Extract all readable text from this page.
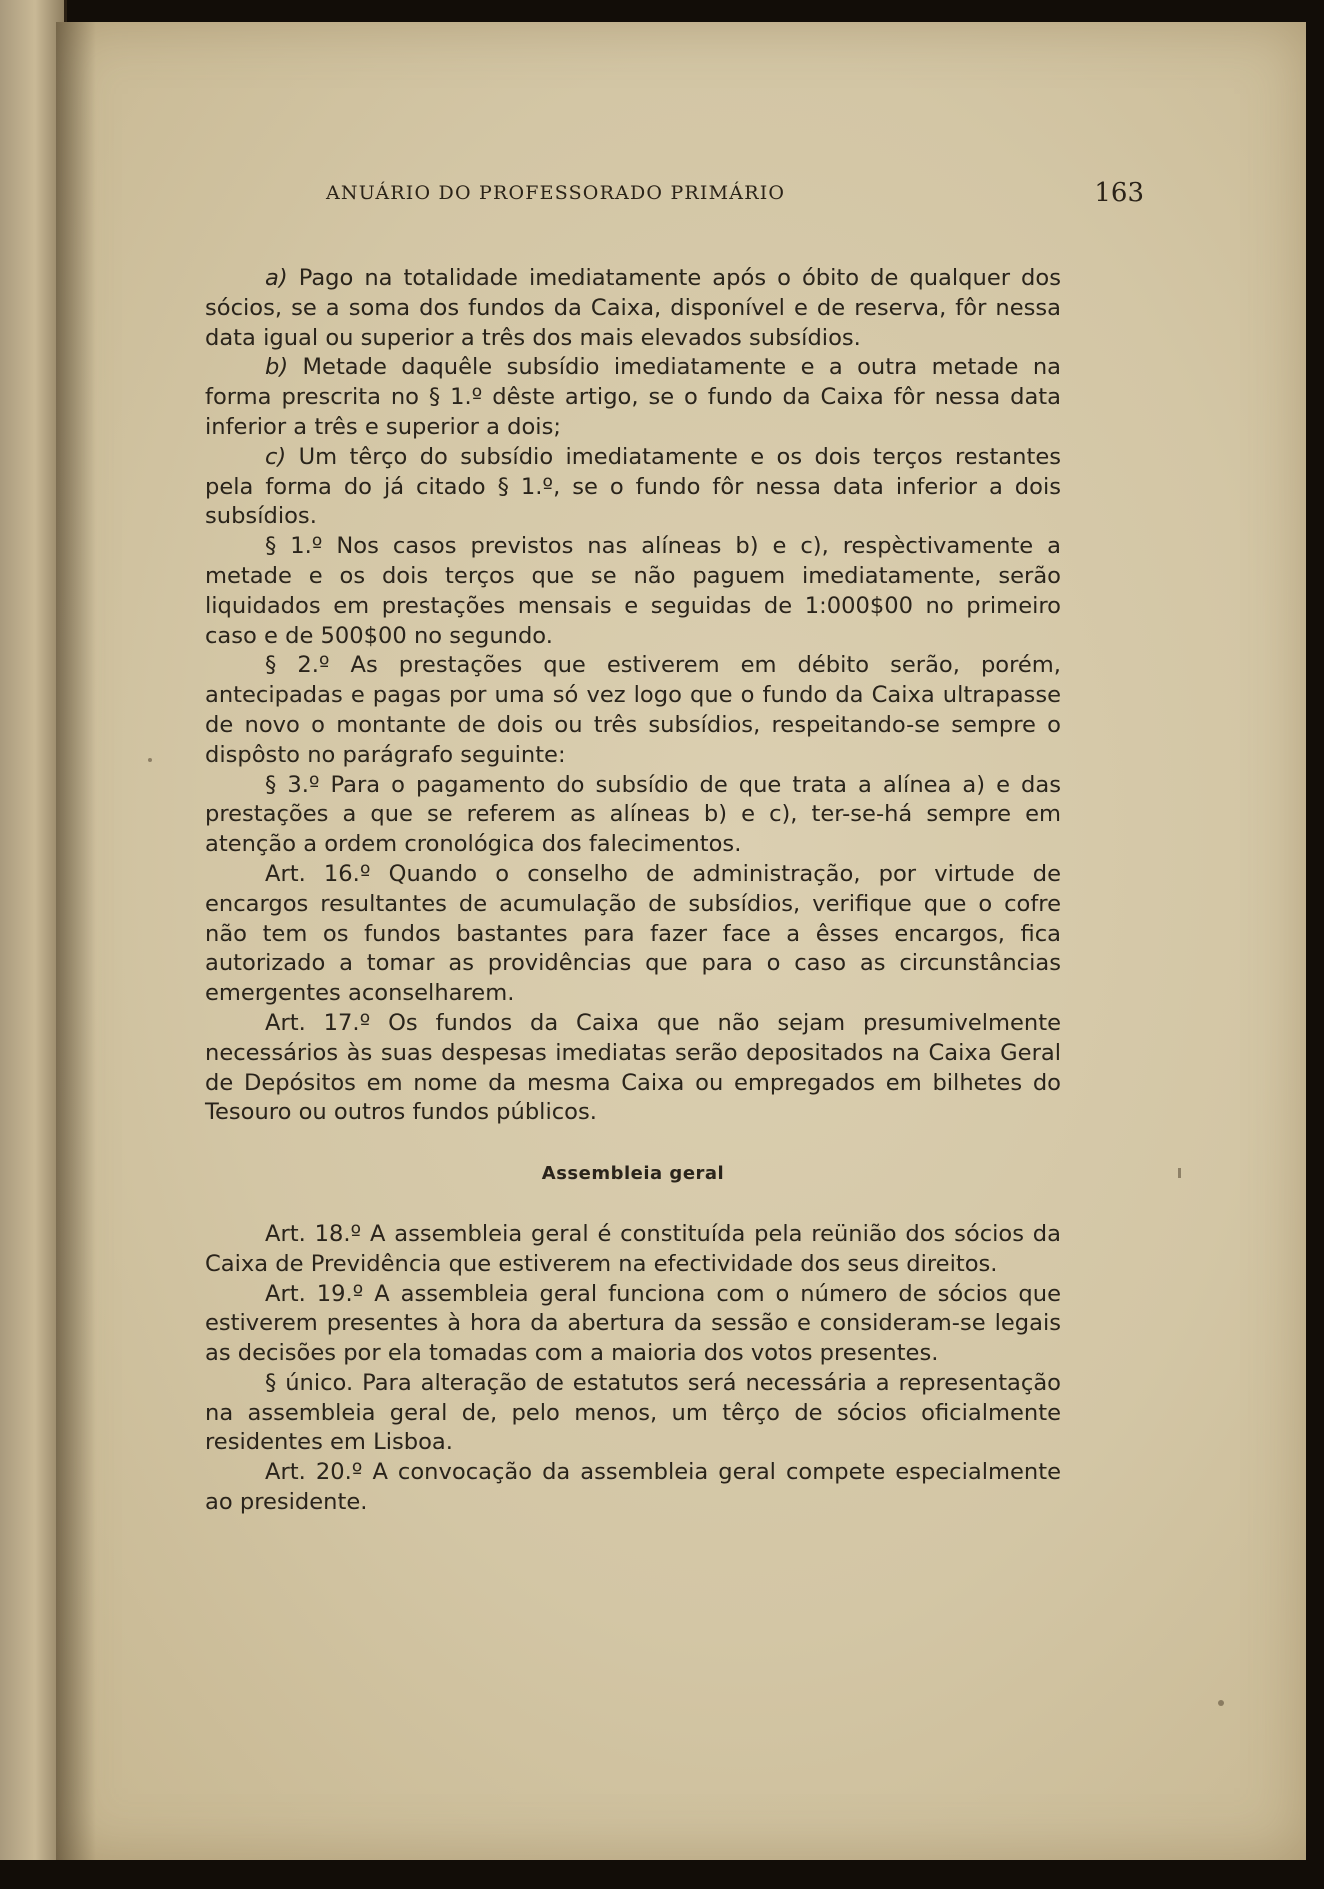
ANUÁRIO DO PROFESSORADO PRIMÁRIO	163

a) Pago na totalidade imediatamente após o óbito de qualquer dos sócios, se a soma dos fundos da Caixa, disponível e de reserva, fôr nessa data igual ou superior a três dos mais elevados subsídios.

b) Metade daquêle subsídio imediatamente e a outra metade na forma prescrita no § 1.º dêste artigo, se o fundo da Caixa fôr nessa data inferior a três e superior a dois;

c) Um têrço do subsídio imediatamente e os dois terços restantes pela forma do já citado § 1.º, se o fundo fôr nessa data inferior a dois subsídios.

§ 1.º Nos casos previstos nas alíneas b) e c), respèctivamente a metade e os dois terços que se não paguem imediatamente, serão liquidados em prestações mensais e seguidas de 1:000$00 no primeiro caso e de 500$00 no segundo.

§ 2.º As prestações que estiverem em débito serão, porém, antecipadas e pagas por uma só vez logo que o fundo da Caixa ultrapasse de novo o montante de dois ou três subsídios, respeitando-se sempre o dispôsto no parágrafo seguinte:

§ 3.º Para o pagamento do subsídio de que trata a alínea a) e das prestações a que se referem as alíneas b) e c), ter-se-há sempre em atenção a ordem cronológica dos falecimentos.

Art. 16.º Quando o conselho de administração, por virtude de encargos resultantes de acumulação de subsídios, verifique que o cofre não tem os fundos bastantes para fazer face a êsses encargos, fica autorizado a tomar as providências que para o caso as circunstâncias emergentes aconselharem.

Art. 17.º Os fundos da Caixa que não sejam presumivelmente necessários às suas despesas imediatas serão depositados na Caixa Geral de Depósitos em nome da mesma Caixa ou empregados em bilhetes do Tesouro ou outros fundos públicos.

Assembleia geral

Art. 18.º A assembleia geral é constituída pela reünião dos sócios da Caixa de Previdência que estiverem na efectividade dos seus direitos.

Art. 19.º A assembleia geral funciona com o número de sócios que estiverem presentes à hora da abertura da sessão e consideram-se legais as decisões por ela tomadas com a maioria dos votos presentes.

§ único. Para alteração de estatutos será necessária a representação na assembleia geral de, pelo menos, um têrço de sócios oficialmente residentes em Lisboa.

Art. 20.º A convocação da assembleia geral compete especialmente ao presidente.
